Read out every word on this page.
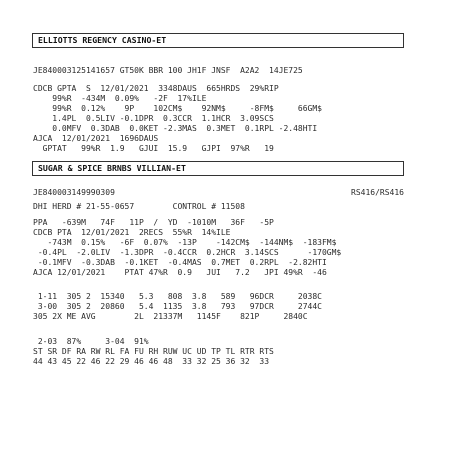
ELLIOTTS REGENCY CASINO-ET
JE840003125141657 GT50K BBR 100 JH1F JNSF  A2A2  14JE725
CDCB GPTA  S  12/01/2021  3348DAUS  665HRDS  29%RIP
99%R  -434M  0.09%   -2F  17%ILE
99%R  0.12%    9P    102CM$    92NM$     -8FM$     66GM$
1.4PL  0.5LIV -0.1DPR  0.3CCR  1.1HCR  3.09SCS
0.0MFV  0.3DAB  0.0KET -2.3MAS  0.3MET  0.1RPL -2.48HTI
AJCA  12/01/2021  1696DAUS
GPTAT   99%R  1.9   GJUI  15.9   GJPI  97%R   19
SUGAR & SPICE BRNBS VILLIAN-ET
JE840003149990309	RS416/RS416
DHI HERD # 21-55-0657        CONTROL # 11508
PPA   -639M   74F   11P  /  YD  -1010M   36F   -5P
CDCB PTA  12/01/2021  2RECS  55%R  14%ILE
-743M  0.15%   -6F  0.07%  -13P    -142CM$  -144NM$  -183FM$
-0.4PL  -2.0LIV  -1.3DPR  -0.4CCR  0.2HCR  3.14SCS      -170GM$
-0.1MFV  -0.3DAB  -0.1KET  -0.4MAS  0.7MET  0.2RPL  -2.82HTI
AJCA 12/01/2021    PTAT 47%R  0.9   JUI   7.2   JPI 49%R  -46
1-11  305 2  15340   5.3   808  3.8   589   96DCR     2038C
3-00  305 2  20860   5.4  1135  3.8   793   97DCR     2744C
305 2X ME AVG        2L  21337M   1145F    821P     2840C
2-03  87%     3-04  91%
ST SR DF RA RW RL FA FU RH RUW UC UD TP TL RTR RTS
44 43 45 22 46 22 29 46 46 48  33 32 25 36 32  33
